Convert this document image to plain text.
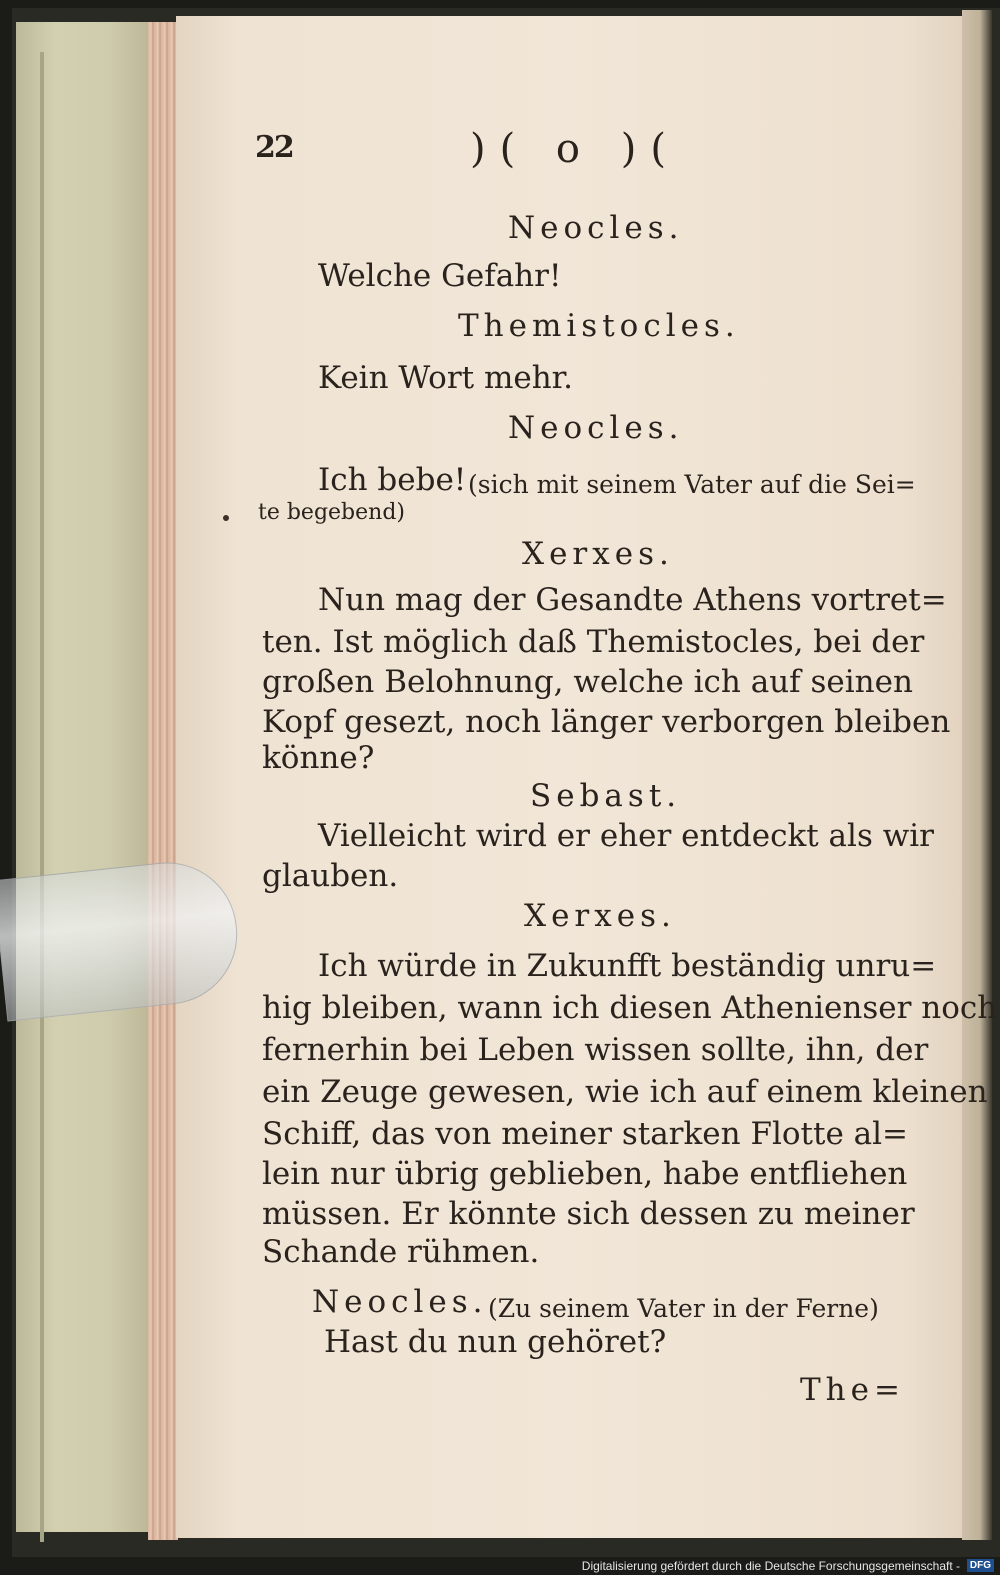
22	)( o )(
Neocles.
Welche Gefahr!
Themistocles.
Kein Wort mehr.
Neocles.
Ich bebe! (sich mit seinem Vater auf die Sei=
te begebend)
Xerxes.
Nun mag der Gesandte Athens vortret=
ten. Ist möglich daß Themistocles, bei der
großen Belohnung, welche ich auf seinen
Kopf gesezt, noch länger verborgen bleiben
könne?
Sebast.
Vielleicht wird er eher entdeckt als wir
glauben.
Xerxes.
Ich würde in Zukunfft beständig unru=
hig bleiben, wann ich diesen Athenienser noch
fernerhin bei Leben wissen sollte, ihn, der
ein Zeuge gewesen, wie ich auf einem kleinen
Schiff, das von meiner starken Flotte al=
lein nur übrig geblieben, habe entfliehen
müssen. Er könnte sich dessen zu meiner
Schande rühmen.
Neocles. (Zu seinem Vater in der Ferne)
Hast du nun gehöret?
The=
Digitalisierung gefördert durch die Deutsche Forschungsgemeinschaft - DFG
